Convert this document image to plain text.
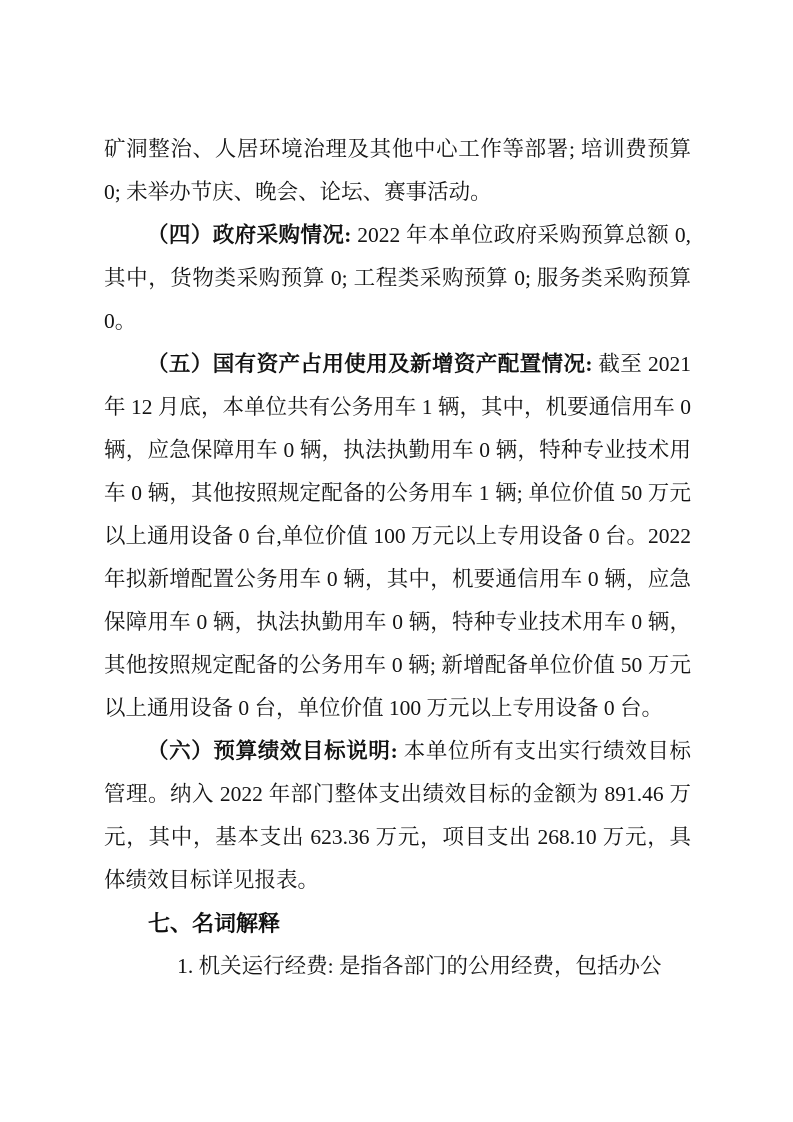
矿洞整治、人居环境治理及其他中心工作等部署; 培训费预算 0; 未举办节庆、晚会、论坛、赛事活动。

（四）政府采购情况: 2022 年本单位政府采购预算总额 0, 其中，货物类采购预算 0; 工程类采购预算 0; 服务类采购预算 0。

（五）国有资产占用使用及新增资产配置情况: 截至 2021 年 12 月底，本单位共有公务用车 1 辆，其中，机要通信用车 0 辆，应急保障用车 0 辆，执法执勤用车 0 辆，特种专业技术用车 0 辆，其他按照规定配备的公务用车 1 辆; 单位价值 50 万元以上通用设备 0 台,单位价值 100 万元以上专用设备 0 台。2022 年拟新增配置公务用车 0 辆，其中，机要通信用车 0 辆，应急保障用车 0 辆，执法执勤用车 0 辆，特种专业技术用车 0 辆，其他按照规定配备的公务用车 0 辆; 新增配备单位价值 50 万元以上通用设备 0 台，单位价值 100 万元以上专用设备 0 台。

（六）预算绩效目标说明: 本单位所有支出实行绩效目标管理。纳入 2022 年部门整体支出绩效目标的金额为 891.46 万元，其中，基本支出 623.36 万元，项目支出 268.10 万元，具体绩效目标详见报表。

七、名词解释

1. 机关运行经费: 是指各部门的公用经费，包括办公
